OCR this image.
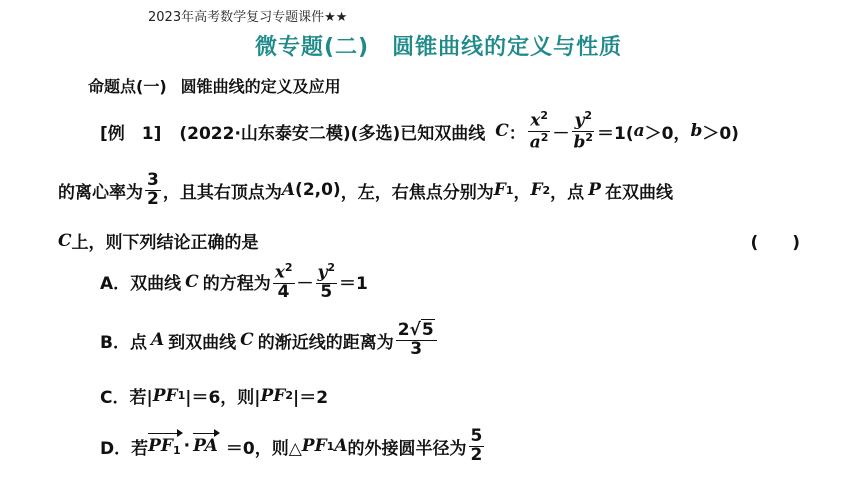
2023年高考数学复习专题课件★★
微专题(二)　圆锥曲线的定义与性质
命题点(一) 圆锥曲线的定义及应用
[例　1] (2022·山东泰安二模)(多选) 已知双曲线 C ： $\frac{x^2}{a^2} - \frac{y^2}{b^2} =1$( a ＞0， b ＞0)
的离心率为 $\frac{3}{2}$ ，且其右顶点为 A (2,0) ，左，右焦点分别为 F 1 ， F 2 ，点 P 在双曲线
C 上，则下列结论正确的是	(　　)
A． 双曲线 C 的方程为 $\frac{x^2}{4} - \frac{y^2}{5} =1$
B． 点 A 到双曲线 C 的渐近线的距离为 $\frac{2√5}{3}$
C． 若| P F 1 |＝6，则| P F 2 |＝2
D． 若 $PF_1$ · PA ＝0，则△ P F 1 A 的外接圆半径为 $\frac{5}{2}$
